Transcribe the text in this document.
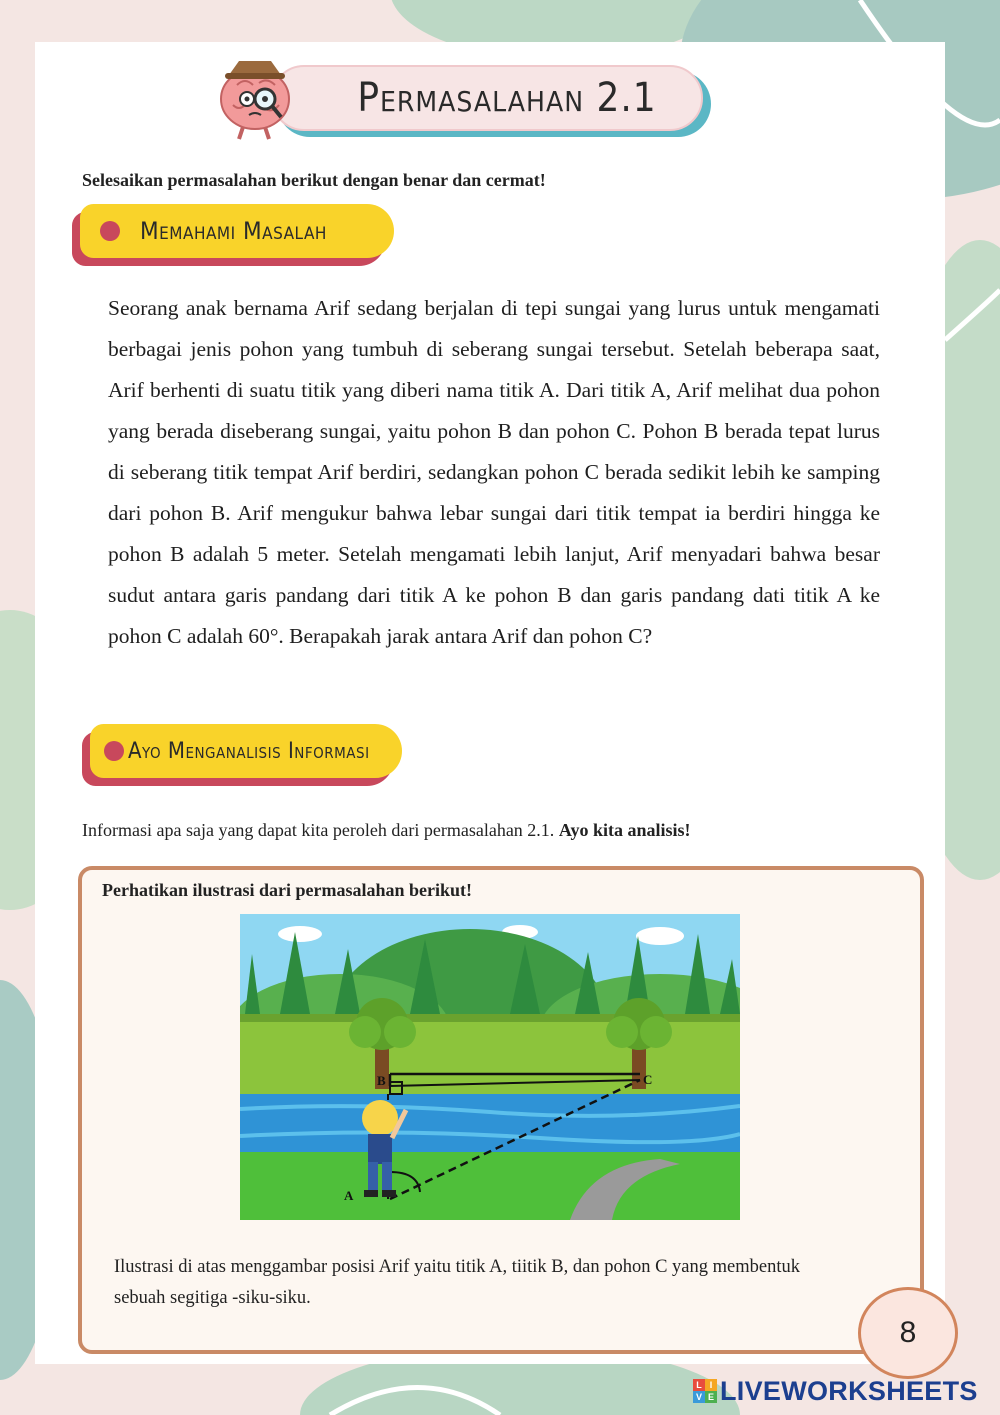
Permasalahan 2.1
Selesaikan permasalahan berikut dengan benar dan cermat!
Memahami Masalah

Seorang anak bernama Arif sedang berjalan di tepi sungai yang lurus untuk mengamati berbagai jenis pohon yang tumbuh di seberang sungai tersebut. Setelah beberapa saat, Arif berhenti di suatu titik yang diberi nama titik A. Dari titik A, Arif melihat dua pohon yang berada diseberang sungai, yaitu pohon B dan pohon C. Pohon B berada tepat lurus di seberang titik tempat Arif berdiri, sedangkan pohon C berada sedikit lebih ke samping dari pohon B. Arif mengukur bahwa lebar sungai dari titik tempat ia berdiri hingga ke pohon B adalah 5 meter. Setelah mengamati lebih lanjut, Arif menyadari bahwa besar sudut antara garis pandang dari titik A ke pohon B dan garis pandang dati titik A ke pohon C adalah 60°. Berapakah jarak antara Arif dan pohon C?

Ayo Menganalisis Informasi
Informasi apa saja yang dapat kita peroleh dari permasalahan 2.1. Ayo kita analisis!
Perhatikan ilustrasi dari permasalahan berikut!
B	C
A

Ilustrasi di atas menggambar posisi Arif yaitu titik A, tiitik B, dan pohon C yang membentuk sebuah segitiga -siku-siku.

8
L I
V E LIVEWORKSHEETS
